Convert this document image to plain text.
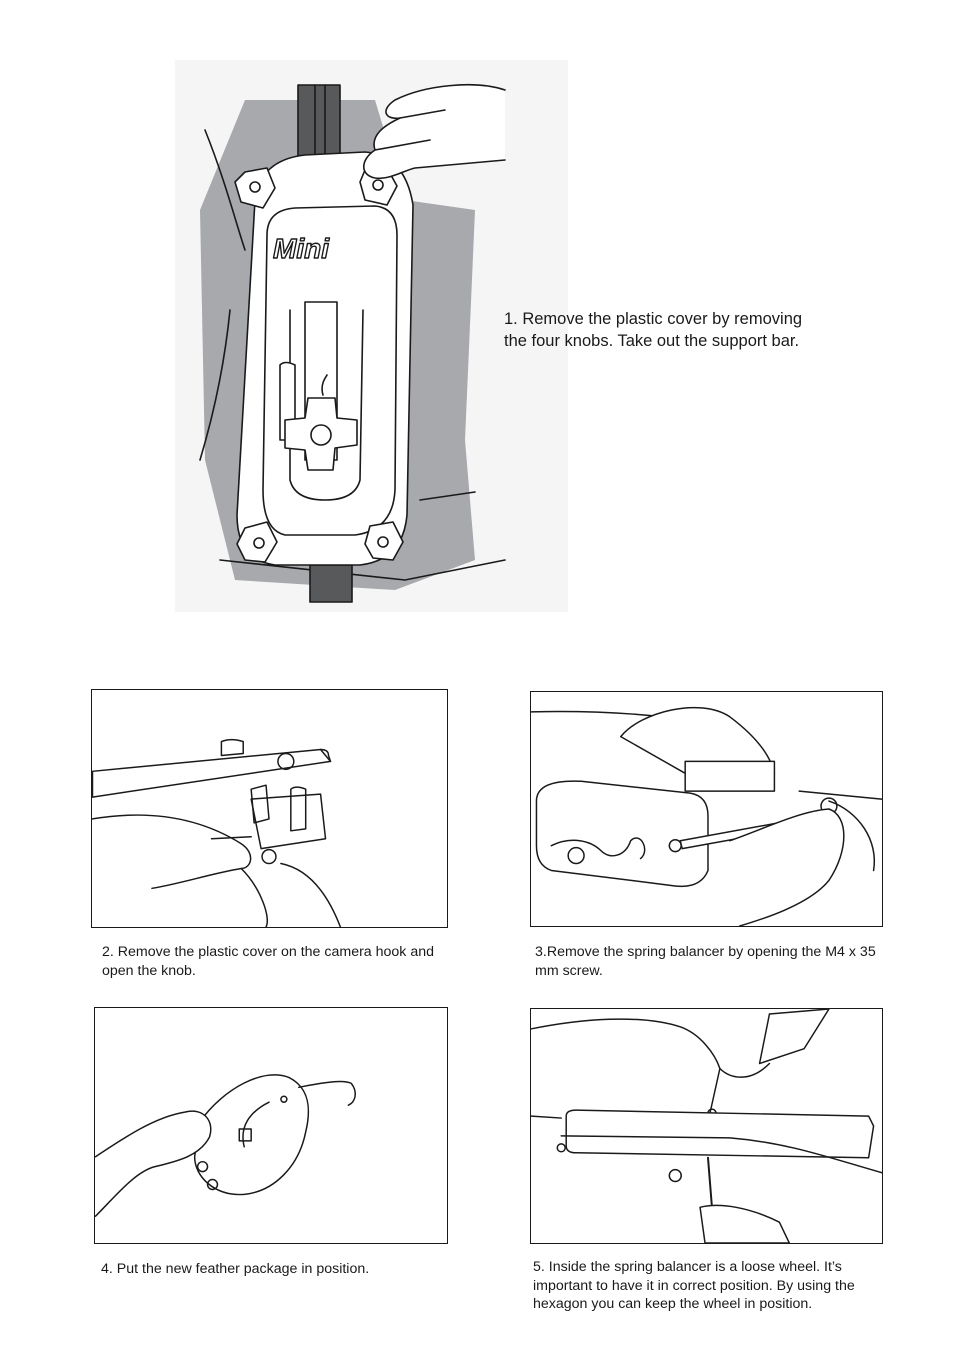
Mini
1. Remove the plastic cover by removing the four knobs. Take out the support bar.
2. Remove the plastic cover on the camera hook and open the knob.
3.Remove the spring balancer by opening the M4 x 35 mm screw.
4. Put the new feather package in position.	5. Inside the spring balancer is a loose wheel. It’s important to have it in correct position. By using the hexagon you can keep the wheel in position.
